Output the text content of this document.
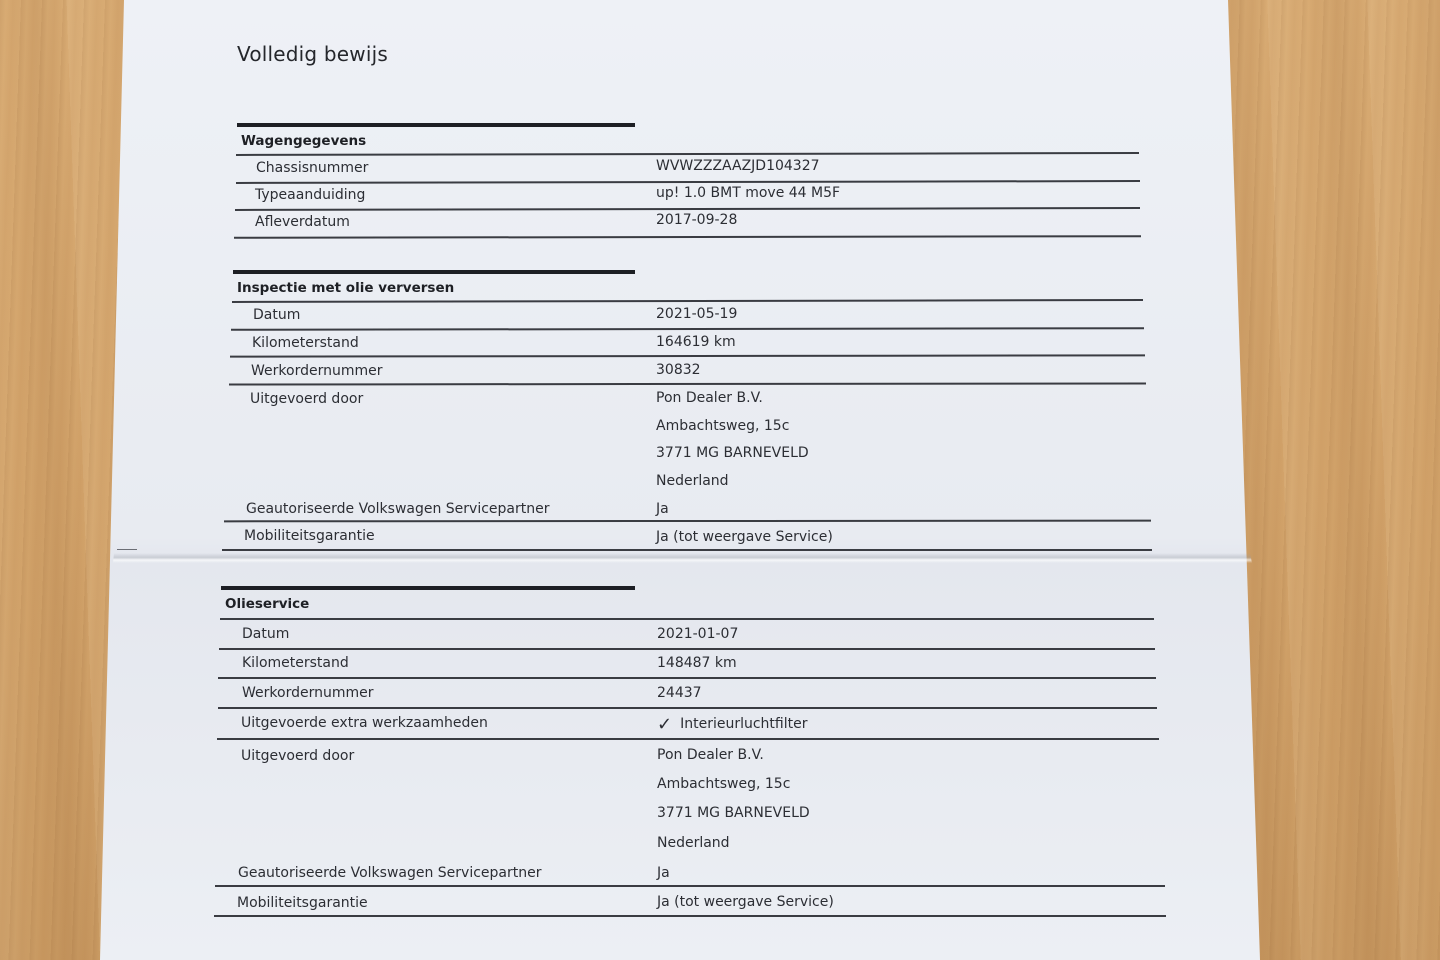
Volledig bewijs
Wagengegevens
Chassisnummer	WVWZZZAAZJD104327
Typeaanduiding	up! 1.0 BMT move 44 M5F
Afleverdatum	2017-09-28
Inspectie met olie verversen
Datum	2021-05-19
Kilometerstand	164619 km
Werkordernummer	30832
Uitgevoerd door	Pon Dealer B.V.
Ambachtsweg, 15c
3771 MG BARNEVELD
Nederland
Geautoriseerde Volkswagen Servicepartner	Ja
Mobiliteitsgarantie	Ja (tot weergave Service)
Olieservice
Datum	2021-01-07
Kilometerstand	148487 km
Werkordernummer	24437
Uitgevoerde extra werkzaamheden	✓ Interieurluchtfilter
Uitgevoerd door	Pon Dealer B.V.
Ambachtsweg, 15c
3771 MG BARNEVELD
Nederland
Geautoriseerde Volkswagen Servicepartner	Ja
Mobiliteitsgarantie	Ja (tot weergave Service)
